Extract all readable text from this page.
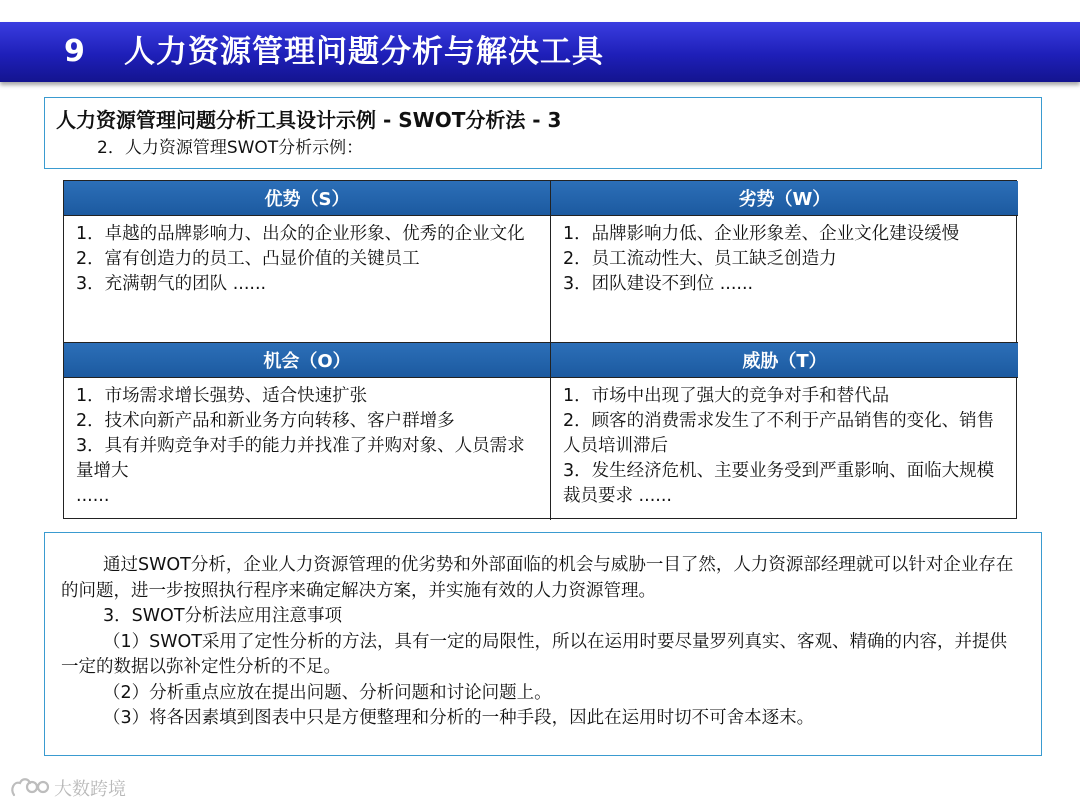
9 人力资源管理问题分析与解决工具
人力资源管理问题分析工具设计示例 - SWOT分析法 - 3
2．人力资源管理SWOT分析示例：
优势（S）	劣势（W）

1．卓越的品牌影响力、出众的企业形象、优秀的企业文化

2．富有创造力的员工、凸显价值的关键员工

3．充满朝气的团队 ......

1．品牌影响力低、企业形象差、企业文化建设缓慢

2．员工流动性大、员工缺乏创造力

3．团队建设不到位 ......

机会（O）	威胁（T）

1．市场需求增长强势、适合快速扩张

2．技术向新产品和新业务方向转移、客户群增多

3．具有并购竞争对手的能力并找准了并购对象、人员需求量增大

......

1．市场中出现了强大的竞争对手和替代品

2．顾客的消费需求发生了不利于产品销售的变化、销售人员培训滞后

3．发生经济危机、主要业务受到严重影响、面临大规模裁员要求 ......

通过SWOT分析，企业人力资源管理的优劣势和外部面临的机会与威胁一目了然，人力资源部经理就可以针对企业存在的问题，进一步按照执行程序来确定解决方案，并实施有效的人力资源管理。

3．SWOT分析法应用注意事项

（1）SWOT采用了定性分析的方法，具有一定的局限性，所以在运用时要尽量罗列真实、客观、精确的内容，并提供一定的数据以弥补定性分析的不足。

（2）分析重点应放在提出问题、分析问题和讨论问题上。

（3）将各因素填到图表中只是方便整理和分析的一种手段，因此在运用时切不可舍本逐末。

大数跨境
